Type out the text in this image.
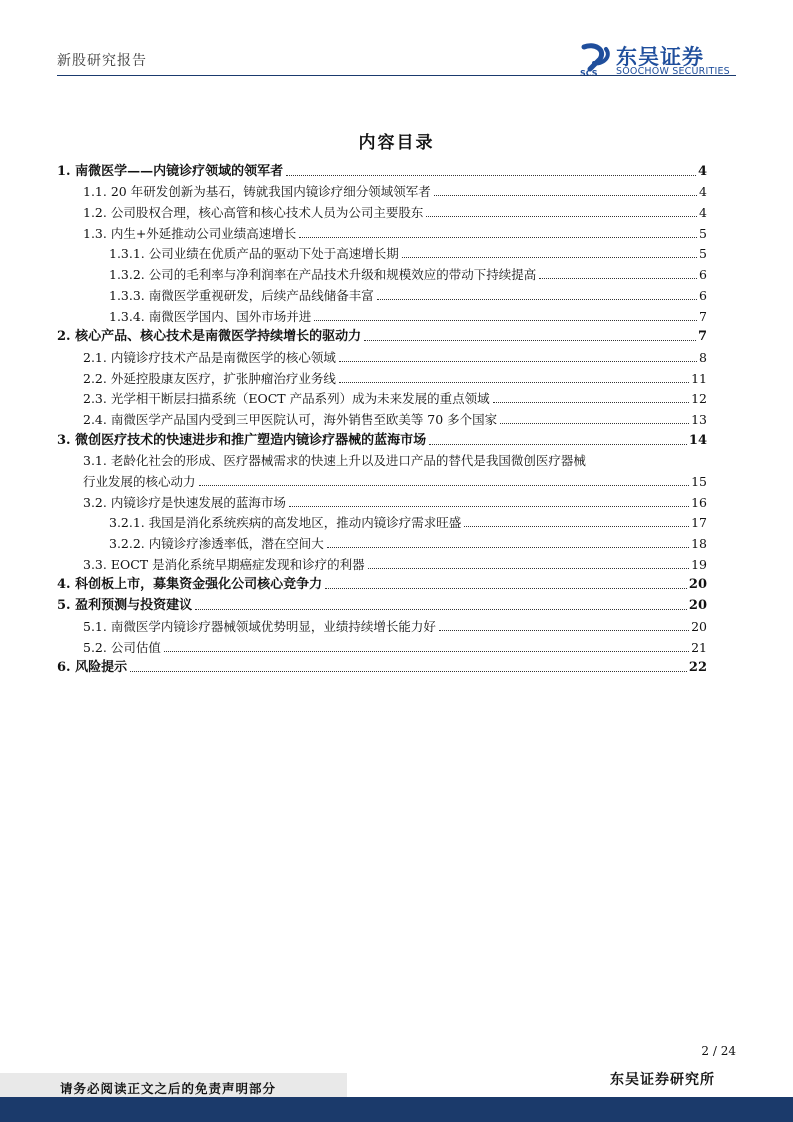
新股研究报告
SCS
东吴证券
SOOCHOW SECURITIES
内容目录
1. 南微医学——内镜诊疗领域的领军者	4
1.1. 20 年研发创新为基石，铸就我国内镜诊疗细分领域领军者	4
1.2. 公司股权合理，核心高管和核心技术人员为公司主要股东	4
1.3. 内生+外延推动公司业绩高速增长	5
1.3.1. 公司业绩在优质产品的驱动下处于高速增长期	5
1.3.2. 公司的毛利率与净利润率在产品技术升级和规模效应的带动下持续提高	6
1.3.3. 南微医学重视研发，后续产品线储备丰富	6
1.3.4. 南微医学国内、国外市场并进	7
2. 核心产品、核心技术是南微医学持续增长的驱动力	7
2.1. 内镜诊疗技术产品是南微医学的核心领域	8
2.2. 外延控股康友医疗，扩张肿瘤治疗业务线	11
2.3. 光学相干断层扫描系统（EOCT 产品系列）成为未来发展的重点领域	12
2.4. 南微医学产品国内受到三甲医院认可，海外销售至欧美等 70 多个国家	13
3. 微创医疗技术的快速进步和推广塑造内镜诊疗器械的蓝海市场	14
3.1. 老龄化社会的形成、医疗器械需求的快速上升以及进口产品的替代是我国微创医疗器械
行业发展的核心动力	15
3.2. 内镜诊疗是快速发展的蓝海市场	16
3.2.1. 我国是消化系统疾病的高发地区，推动内镜诊疗需求旺盛	17
3.2.2. 内镜诊疗渗透率低，潜在空间大	18
3.3. EOCT 是消化系统早期癌症发现和诊疗的利器	19
4. 科创板上市，募集资金强化公司核心竞争力	20
5. 盈利预测与投资建议	20
5.1. 南微医学内镜诊疗器械领域优势明显，业绩持续增长能力好	20
5.2. 公司估值	21
6. 风险提示	22
2 / 24
请务必阅读正文之后的免责声明部分
东吴证券研究所
